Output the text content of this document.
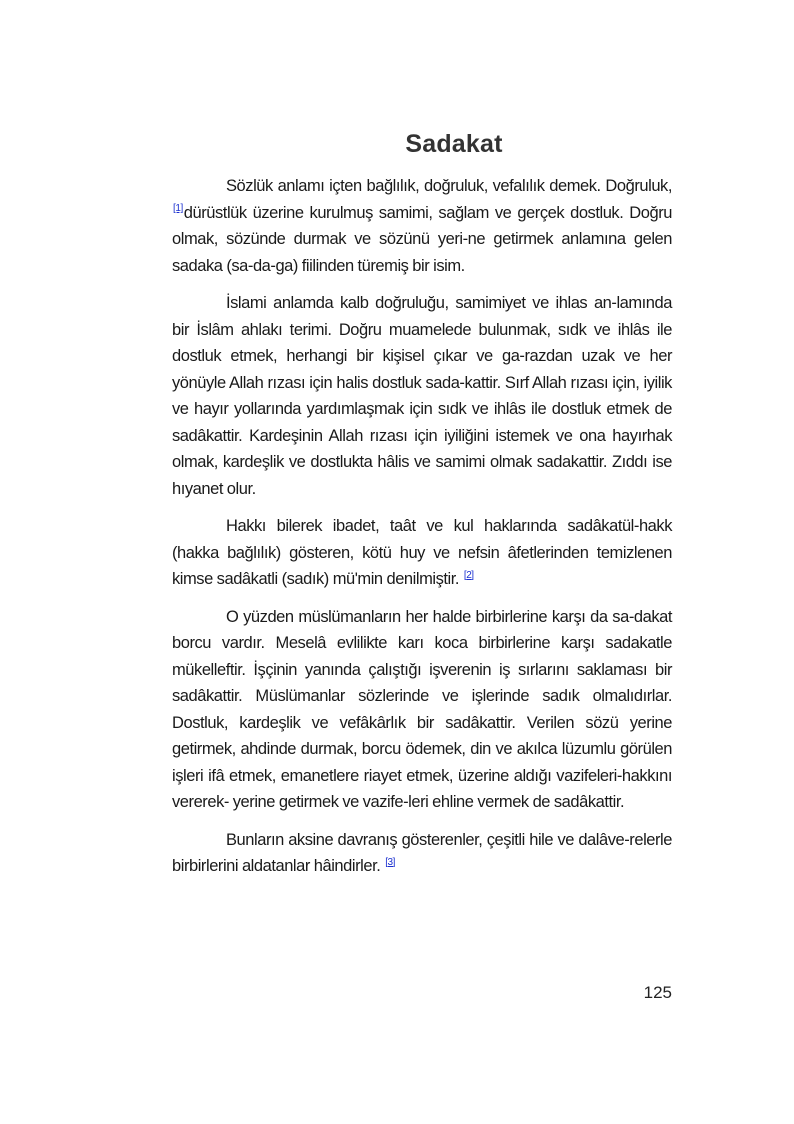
Sadakat

Sözlük anlamı içten bağlılık, doğruluk, vefalılık demek. Doğruluk, [1]dürüstlük üzerine kurulmuş samimi, sağlam ve gerçek dostluk. Doğru olmak, sözünde durmak ve sözünü yeri-ne getirmek anlamına gelen sadaka (sa-da-ga) fiilinden türemiş bir isim.

İslami anlamda kalb doğruluğu, samimiyet ve ihlas an-lamında bir İslâm ahlakı terimi. Doğru muamelede bulunmak, sıdk ve ihlâs ile dostluk etmek, herhangi bir kişisel çıkar ve ga-razdan uzak ve her yönüyle Allah rızası için halis dostluk sada-kattir. Sırf Allah rızası için, iyilik ve hayır yollarında yardımlaşmak için sıdk ve ihlâs ile dostluk etmek de sadâkattir. Kardeşinin Allah rızası için iyiliğini istemek ve ona hayırhak olmak, kardeşlik ve dostlukta hâlis ve samimi olmak sadakattir. Zıddı ise hıyanet olur.

Hakkı bilerek ibadet, taât ve kul haklarında sadâkatül-hakk (hakka bağlılık) gösteren, kötü huy ve nefsin âfetlerinden temizlenen kimse sadâkatli (sadık) mü'min denilmiştir. [2]

O yüzden müslümanların her halde birbirlerine karşı da sa-dakat borcu vardır. Meselâ evlilikte karı koca birbirlerine karşı sadakatle mükelleftir. İşçinin yanında çalıştığı işverenin iş sırlarını saklaması bir sadâkattir. Müslümanlar sözlerinde ve işlerinde sadık olmalıdırlar. Dostluk, kardeşlik ve vefâkârlık bir sadâkattir. Verilen sözü yerine getirmek, ahdinde durmak, borcu ödemek, din ve akılca lüzumlu görülen işleri ifâ etmek, emanetlere riayet etmek, üzerine aldığı vazifeleri-hakkını vererek- yerine getirmek ve vazife-leri ehline vermek de sadâkattir.

Bunların aksine davranış gösterenler, çeşitli hile ve dalâve-relerle birbirlerini aldatanlar hâindirler. [3]

125
